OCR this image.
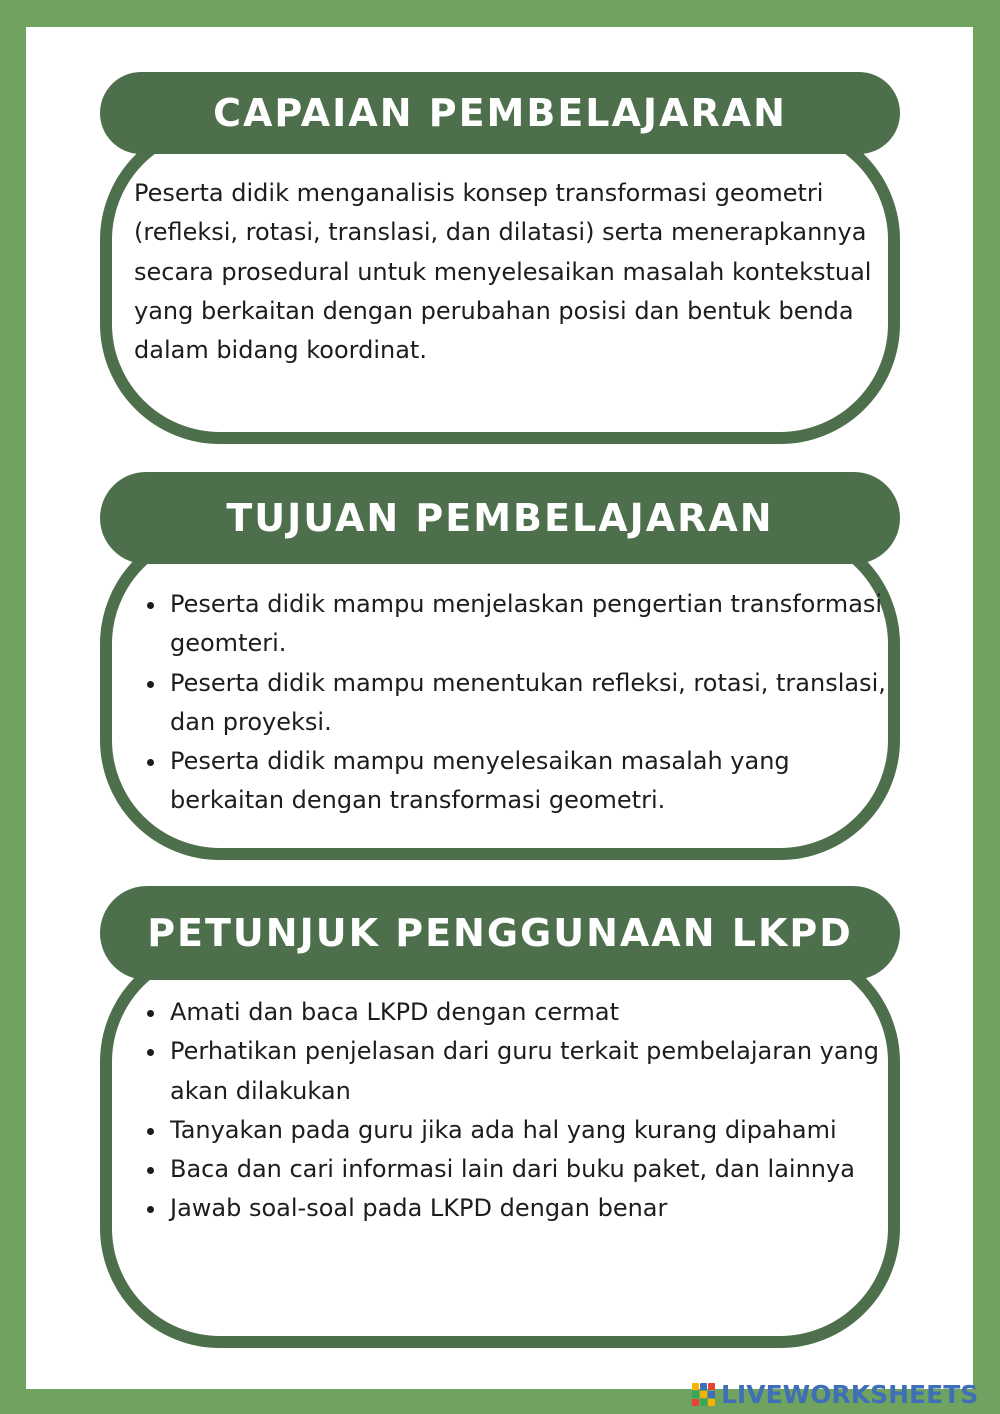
CAPAIAN PEMBELAJARAN

Peserta didik menganalisis konsep transformasi geometri (refleksi, rotasi, translasi, dan dilatasi) serta menerapkannya secara prosedural untuk menyelesaikan masalah kontekstual yang berkaitan dengan perubahan posisi dan bentuk benda dalam bidang koordinat.

TUJUAN PEMBELAJARAN
• Peserta didik mampu menjelaskan pengertian transformasi geomteri.
• Peserta didik mampu menentukan refleksi, rotasi, translasi, dan proyeksi.
• Peserta didik mampu menyelesaikan masalah yang berkaitan dengan transformasi geometri.
PETUNJUK PENGGUNAAN LKPD
• Amati dan baca LKPD dengan cermat
• Perhatikan penjelasan dari guru terkait pembelajaran yang akan dilakukan
• Tanyakan pada guru jika ada hal yang kurang dipahami
• Baca dan cari informasi lain dari buku paket, dan lainnya
• Jawab soal-soal pada LKPD dengan benar
LIVEWORKSHEETS
